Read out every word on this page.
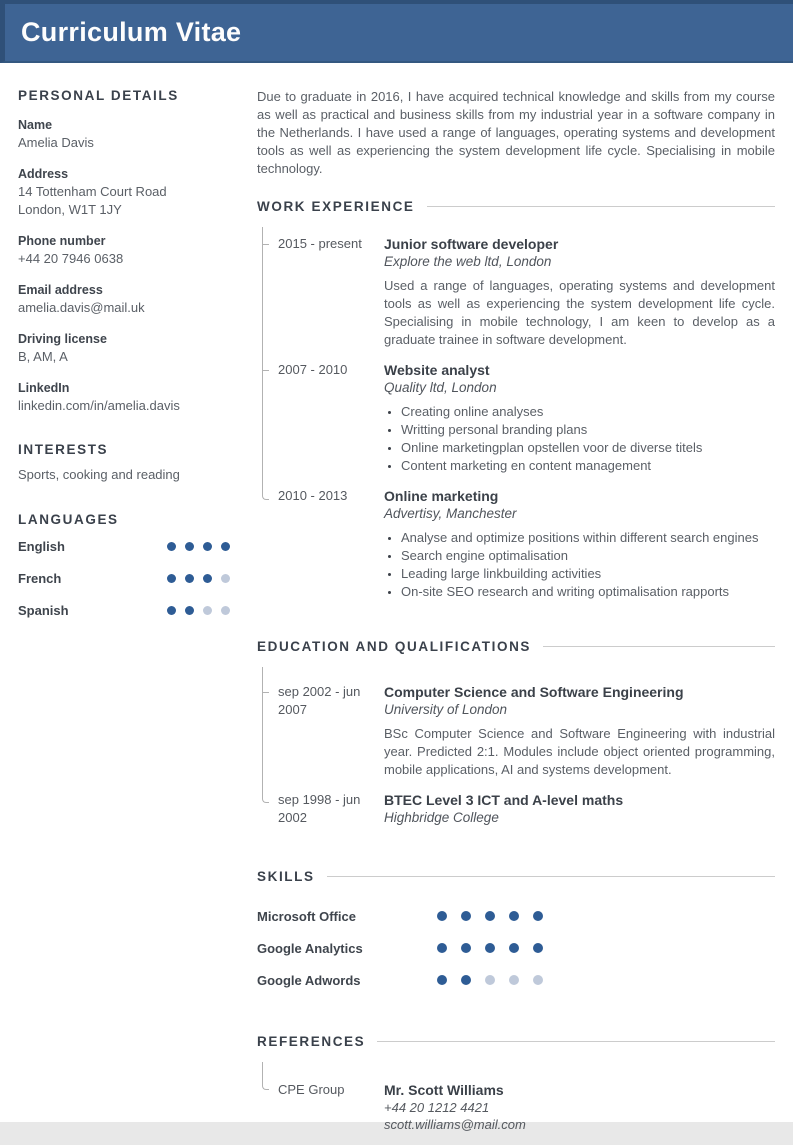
Curriculum Vitae
PERSONAL DETAILS
Name
Amelia Davis
Address
14 Tottenham Court Road
London, W1T 1JY
Phone number
+44 20 7946 0638
Email address
amelia.davis@mail.uk
Driving license
B, AM, A
LinkedIn
linkedin.com/in/amelia.davis
INTERESTS
Sports, cooking and reading
LANGUAGES
English
French
Spanish

Due to graduate in 2016, I have acquired technical knowledge and skills from my course as well as practical and business skills from my industrial year in a software company in the Netherlands. I have used a range of languages, operating systems and development tools as well as experiencing the system development life cycle. Specialising in mobile technology.

WORK EXPERIENCE
2015 - present	Junior software developer
Explore the web ltd, London

Used a range of languages, operating systems and development tools as well as experiencing the system development life cycle. Specialising in mobile technology, I am keen to develop as a graduate trainee in software development.

2007 - 2010	Website analyst
Quality ltd, London
• Creating online analyses
• Writting personal branding plans
• Online marketingplan opstellen voor de diverse titels
• Content marketing en content management
2010 - 2013	Online marketing
Advertisy, Manchester
• Analyse and optimize positions within different search engines
• Search engine optimalisation
• Leading large linkbuilding activities
• On-site SEO research and writing optimalisation rapports
EDUCATION AND QUALIFICATIONS
sep 2002 - jun 2007
Computer Science and Software Engineering
University of London

BSc Computer Science and Software Engineering with industrial year. Predicted 2:1. Modules include object oriented programming, mobile applications, AI and systems development.

sep 1998 - jun 2002
BTEC Level 3 ICT and A-level maths
Highbridge College
SKILLS
Microsoft Office
Google Analytics
Google Adwords
REFERENCES
CPE Group	Mr. Scott Williams
+44 20 1212 4421
scott.williams@mail.com
